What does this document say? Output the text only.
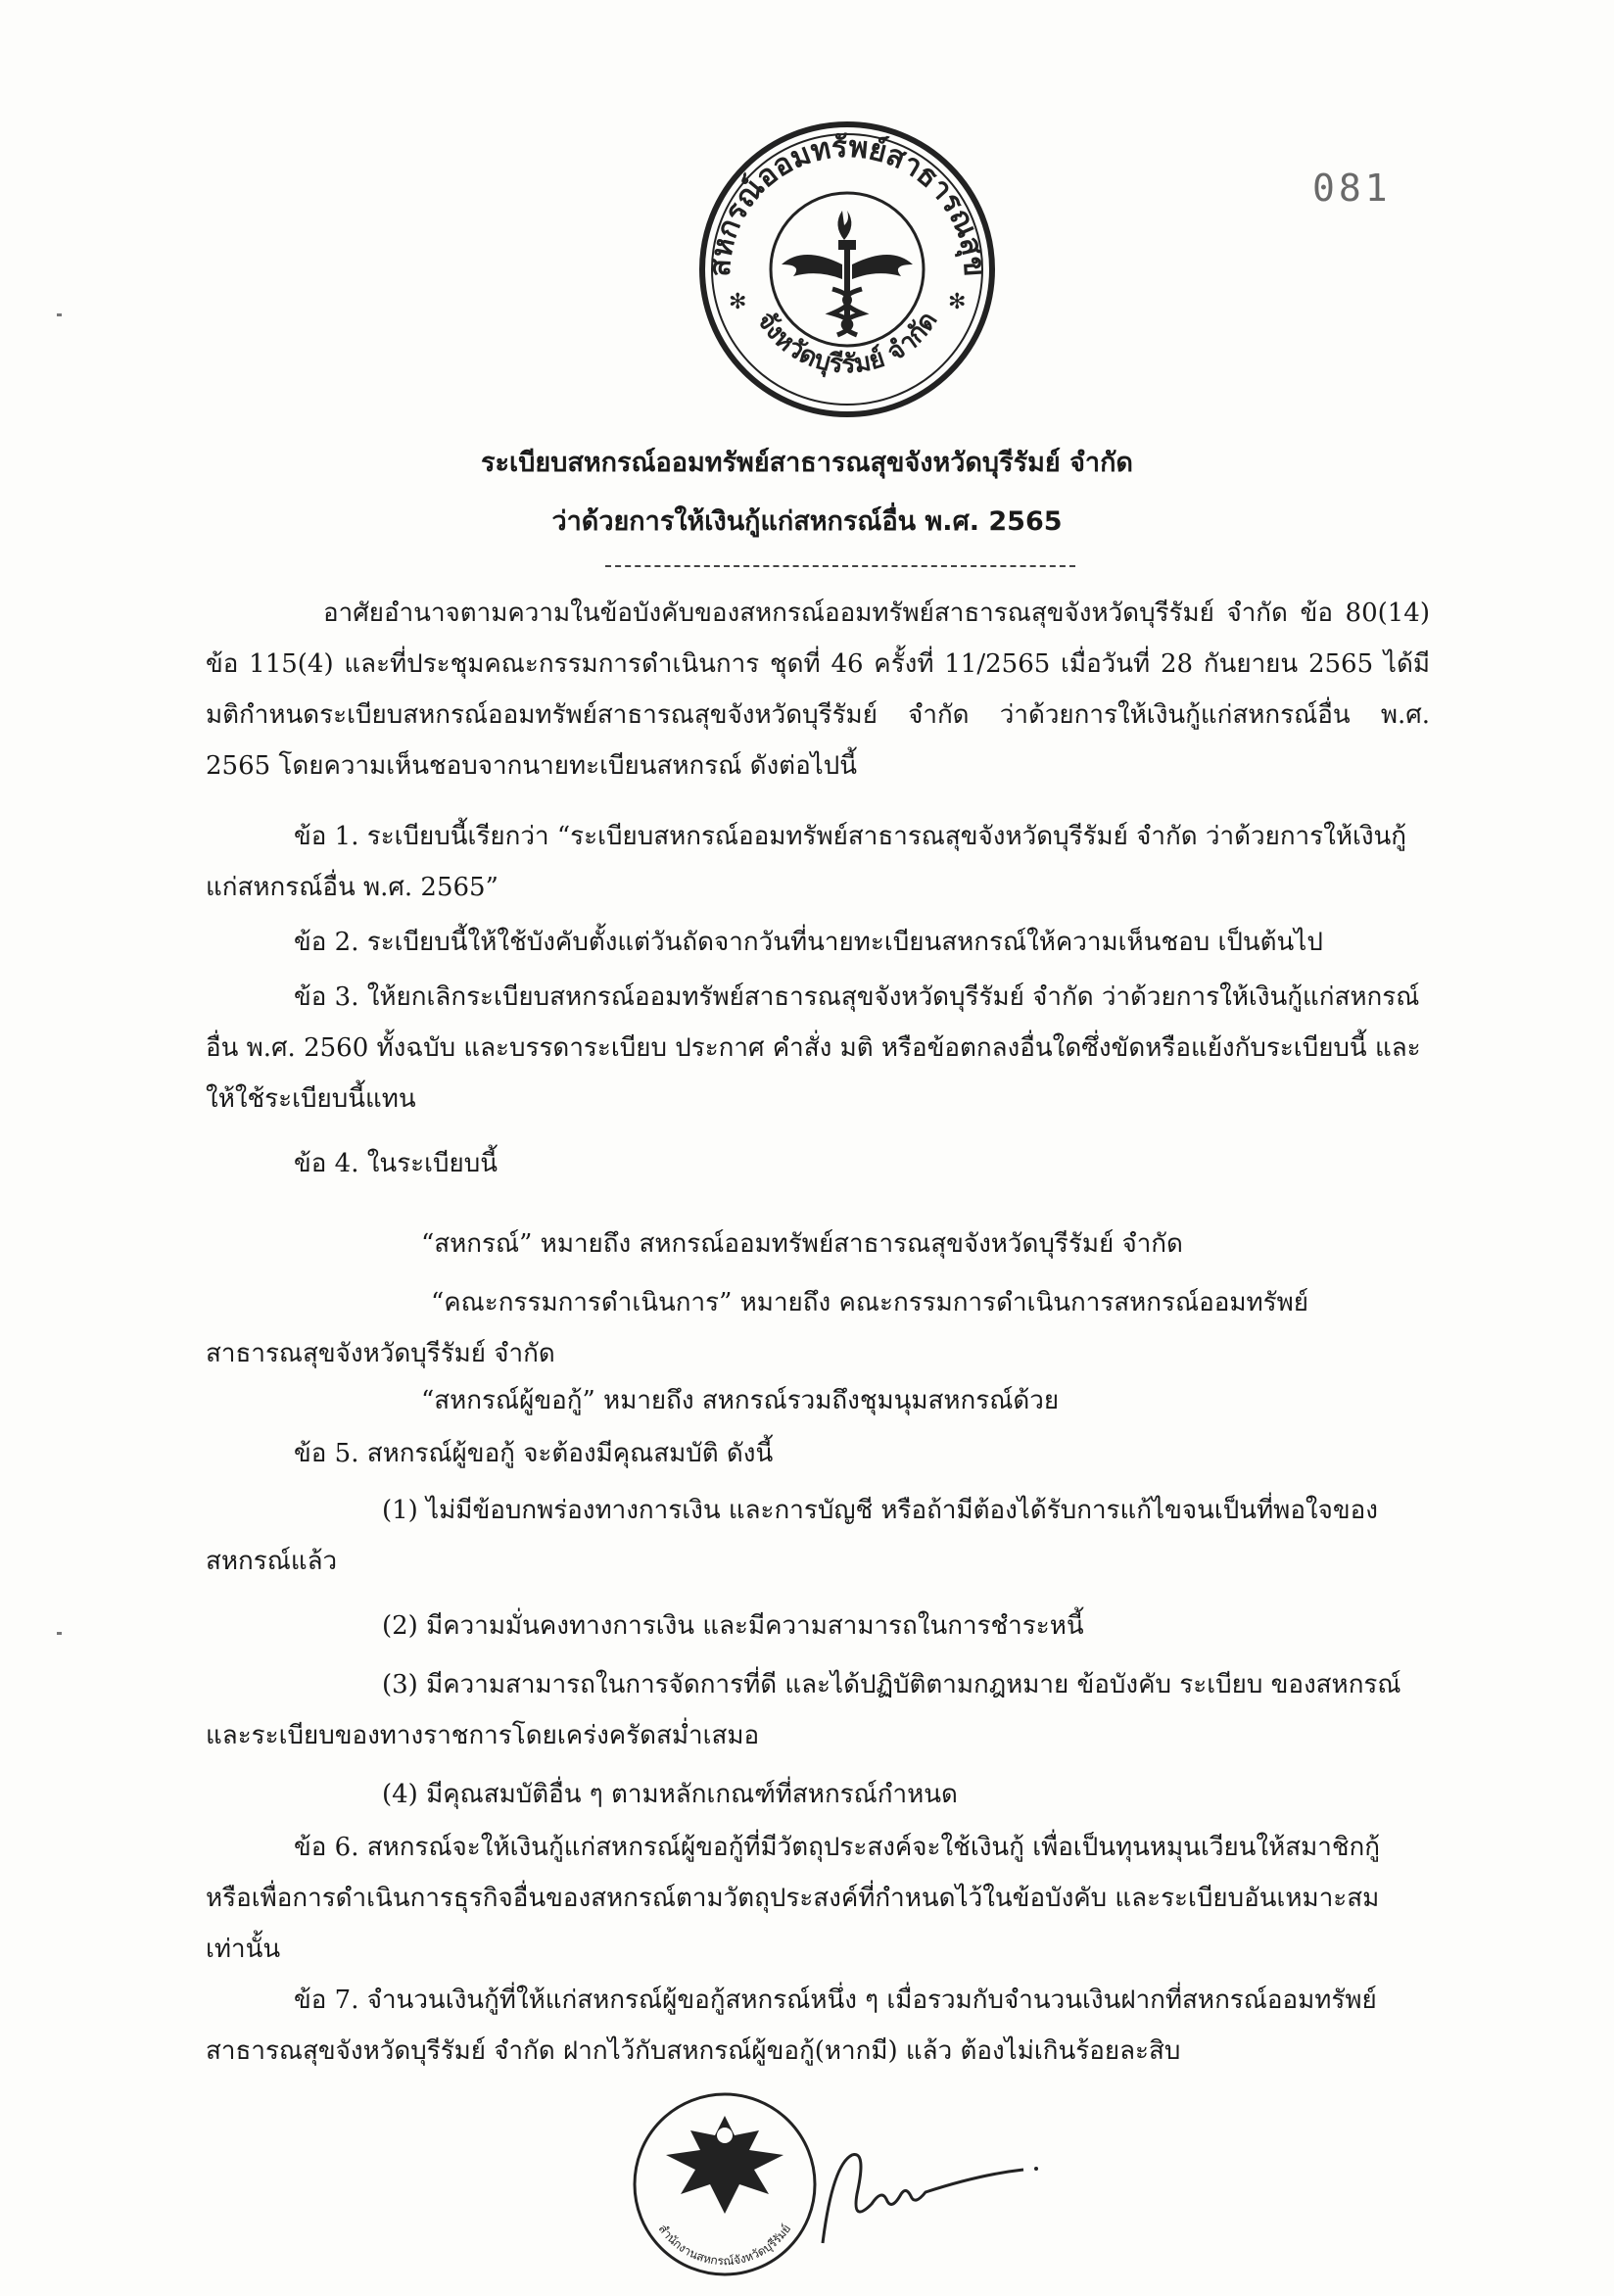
สหกรณ์ออมทรัพย์สาธารณสุข
จังหวัดบุรีรัมย์ จำกัด
✻	✻
081
ระเบียบสหกรณ์ออมทรัพย์สาธารณสุขจังหวัดบุรีรัมย์ จำกัด
ว่าด้วยการให้เงินกู้แก่สหกรณ์อื่น พ.ศ. 2565

อาศัยอำนาจตามความในข้อบังคับของสหกรณ์ออมทรัพย์สาธารณสุขจังหวัดบุรีรัมย์ จำกัด ข้อ 80(14) ข้อ 115(4) และที่ประชุมคณะกรรมการดำเนินการ ชุดที่ 46 ครั้งที่ 11/2565 เมื่อวันที่ 28 กันยายน 2565 ได้มีมติกำหนดระเบียบสหกรณ์ออมทรัพย์สาธารณสุขจังหวัดบุรีรัมย์ จำกัด ว่าด้วยการให้เงินกู้แก่สหกรณ์อื่น พ.ศ. 2565 โดยความเห็นชอบจากนายทะเบียนสหกรณ์ ดังต่อไปนี้

ข้อ 1. ระเบียบนี้เรียกว่า “ระเบียบสหกรณ์ออมทรัพย์สาธารณสุขจังหวัดบุรีรัมย์ จำกัด ว่าด้วยการให้เงินกู้แก่สหกรณ์อื่น พ.ศ. 2565”

ข้อ 2. ระเบียบนี้ให้ใช้บังคับตั้งแต่วันถัดจากวันที่นายทะเบียนสหกรณ์ให้ความเห็นชอบ เป็นต้นไป

ข้อ 3. ให้ยกเลิกระเบียบสหกรณ์ออมทรัพย์สาธารณสุขจังหวัดบุรีรัมย์ จำกัด ว่าด้วยการให้เงินกู้แก่สหกรณ์อื่น พ.ศ. 2560 ทั้งฉบับ และบรรดาระเบียบ ประกาศ คำสั่ง มติ หรือข้อตกลงอื่นใดซึ่งขัดหรือแย้งกับระเบียบนี้ และให้ใช้ระเบียบนี้แทน

ข้อ 4. ในระเบียบนี้

“สหกรณ์” หมายถึง สหกรณ์ออมทรัพย์สาธารณสุขจังหวัดบุรีรัมย์ จำกัด

“คณะกรรมการดำเนินการ” หมายถึง คณะกรรมการดำเนินการสหกรณ์ออมทรัพย์สาธารณสุขจังหวัดบุรีรัมย์ จำกัด

“สหกรณ์ผู้ขอกู้” หมายถึง สหกรณ์รวมถึงชุมนุมสหกรณ์ด้วย

ข้อ 5. สหกรณ์ผู้ขอกู้ จะต้องมีคุณสมบัติ ดังนี้

(1) ไม่มีข้อบกพร่องทางการเงิน และการบัญชี หรือถ้ามีต้องได้รับการแก้ไขจนเป็นที่พอใจของสหกรณ์แล้ว

(2) มีความมั่นคงทางการเงิน และมีความสามารถในการชำระหนี้

(3) มีความสามารถในการจัดการที่ดี และได้ปฏิบัติตามกฎหมาย ข้อบังคับ ระเบียบ ของสหกรณ์ และระเบียบของทางราชการโดยเคร่งครัดสม่ำเสมอ

(4) มีคุณสมบัติอื่น ๆ ตามหลักเกณฑ์ที่สหกรณ์กำหนด

ข้อ 6. สหกรณ์จะให้เงินกู้แก่สหกรณ์ผู้ขอกู้ที่มีวัตถุประสงค์จะใช้เงินกู้ เพื่อเป็นทุนหมุนเวียนให้สมาชิกกู้ หรือเพื่อการดำเนินการธุรกิจอื่นของสหกรณ์ตามวัตถุประสงค์ที่กำหนดไว้ในข้อบังคับ และระเบียบอันเหมาะสมเท่านั้น

ข้อ 7. จำนวนเงินกู้ที่ให้แก่สหกรณ์ผู้ขอกู้สหกรณ์หนึ่ง ๆ เมื่อรวมกับจำนวนเงินฝากที่สหกรณ์ออมทรัพย์สาธารณสุขจังหวัดบุรีรัมย์ จำกัด ฝากไว้กับสหกรณ์ผู้ขอกู้(หากมี) แล้ว ต้องไม่เกินร้อยละสิบ

สำนักงานสหกรณ์จังหวัดบุรีรัมย์
